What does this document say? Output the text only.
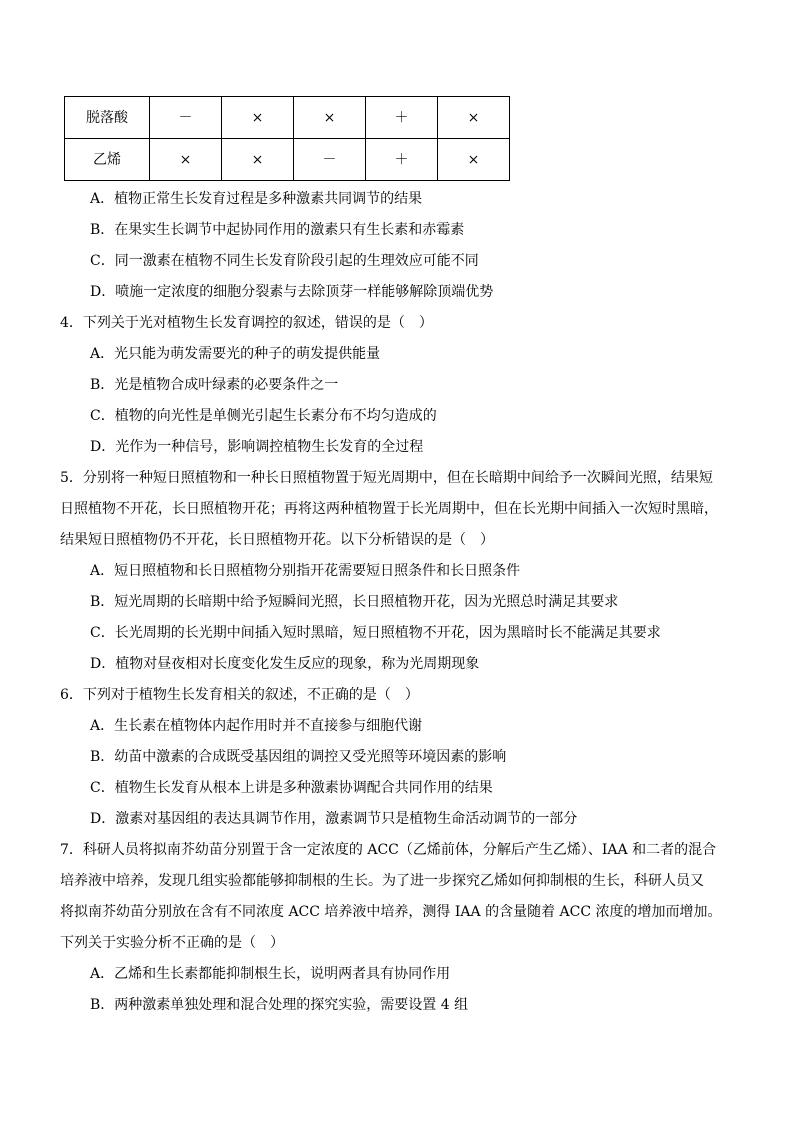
脱落酸	－	×	×	＋	×
乙烯	×	×	－	＋	×
A．植物正常生长发育过程是多种激素共同调节的结果
B．在果实生长调节中起协同作用的激素只有生长素和赤霉素
C．同一激素在植物不同生长发育阶段引起的生理效应可能不同
D．喷施一定浓度的细胞分裂素与去除顶芽一样能够解除顶端优势
4．下列关于光对植物生长发育调控的叙述，错误的是（　）
A．光只能为萌发需要光的种子的萌发提供能量
B．光是植物合成叶绿素的必要条件之一
C．植物的向光性是单侧光引起生长素分布不均匀造成的
D．光作为一种信号，影响调控植物生长发育的全过程
5．分别将一种短日照植物和一种长日照植物置于短光周期中，但在长暗期中间给予一次瞬间光照，结果短
日照植物不开花，长日照植物开花；再将这两种植物置于长光周期中，但在长光期中间插入一次短时黑暗，
结果短日照植物仍不开花，长日照植物开花。以下分析错误的是（　）
A．短日照植物和长日照植物分别指开花需要短日照条件和长日照条件
B．短光周期的长暗期中给予短瞬间光照，长日照植物开花，因为光照总时满足其要求
C．长光周期的长光期中间插入短时黑暗，短日照植物不开花，因为黑暗时长不能满足其要求
D．植物对昼夜相对长度变化发生反应的现象，称为光周期现象
6．下列对于植物生长发育相关的叙述，不正确的是（　）
A．生长素在植物体内起作用时并不直接参与细胞代谢
B．幼苗中激素的合成既受基因组的调控又受光照等环境因素的影响
C．植物生长发育从根本上讲是多种激素协调配合共同作用的结果
D．激素对基因组的表达具调节作用，激素调节只是植物生命活动调节的一部分
7．科研人员将拟南芥幼苗分别置于含一定浓度的 ACC（乙烯前体，分解后产生乙烯）、IAA 和二者的混合
培养液中培养，发现几组实验都能够抑制根的生长。为了进一步探究乙烯如何抑制根的生长，科研人员又
将拟南芥幼苗分别放在含有不同浓度 ACC 培养液中培养，测得 IAA 的含量随着 ACC 浓度的增加而增加。
下列关于实验分析不正确的是（　）
A．乙烯和生长素都能抑制根生长，说明两者具有协同作用
B．两种激素单独处理和混合处理的探究实验，需要设置 4 组
